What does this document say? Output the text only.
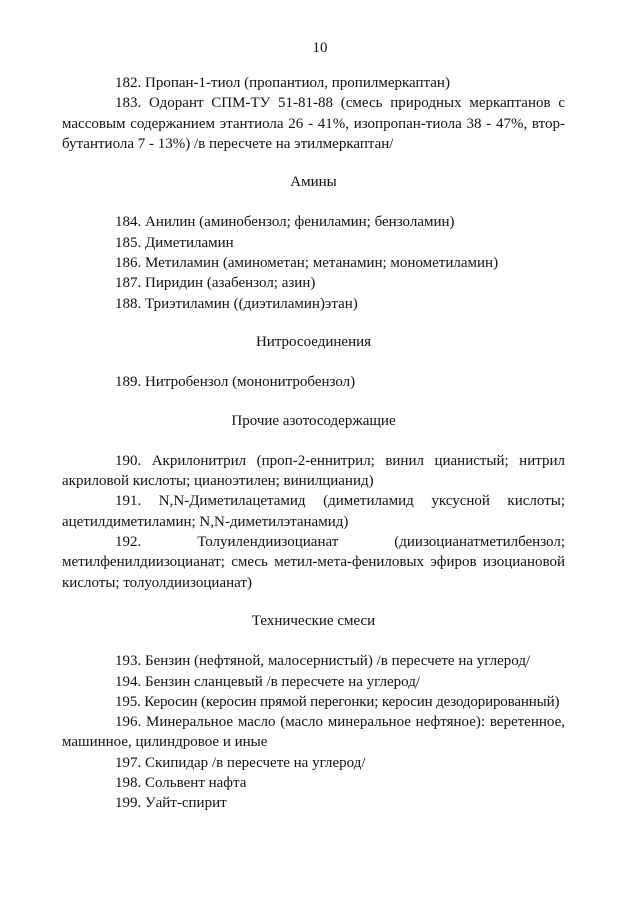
10

182. Пропан-1-тиол (пропантиол, пропилмеркаптан)

183. Одорант СПМ-ТУ 51-81-88 (смесь природных меркаптанов с массовым содержанием этантиола 26 - 41%, изопропан-тиола 38 - 47%, втор-бутантиола 7 - 13%) /в пересчете на этилмеркаптан/

Амины

184. Анилин (аминобензол; фениламин; бензоламин)

185. Диметиламин

186. Метиламин (аминометан; метанамин; монометиламин)

187. Пиридин (азабензол; азин)

188. Триэтиламин ((диэтиламин)этан)

Нитросоединения

189. Нитробензол (мононитробензол)

Прочие азотосодержащие

190. Акрилонитрил (проп-2-еннитрил; винил цианистый; нитрил акриловой кислоты; цианоэтилен; винилцианид)

191. N,N-Диметилацетамид (диметиламид уксусной кислоты; ацетилдиметиламин; N,N-диметилэтанамид)

192. Толуилендиизоцианат (диизоцианатметилбензол; метилфенилдиизоцианат; смесь метил-мета-фениловых эфиров изоциановой кислоты; толуолдиизоцианат)

Технические смеси

193. Бензин (нефтяной, малосернистый) /в пересчете на углерод/

194. Бензин сланцевый /в пересчете на углерод/

195. Керосин (керосин прямой перегонки; керосин дезодорированный)

196. Минеральное масло (масло минеральное нефтяное): веретенное, машинное, цилиндровое и иные

197. Скипидар /в пересчете на углерод/

198. Сольвент нафта

199. Уайт-спирит
